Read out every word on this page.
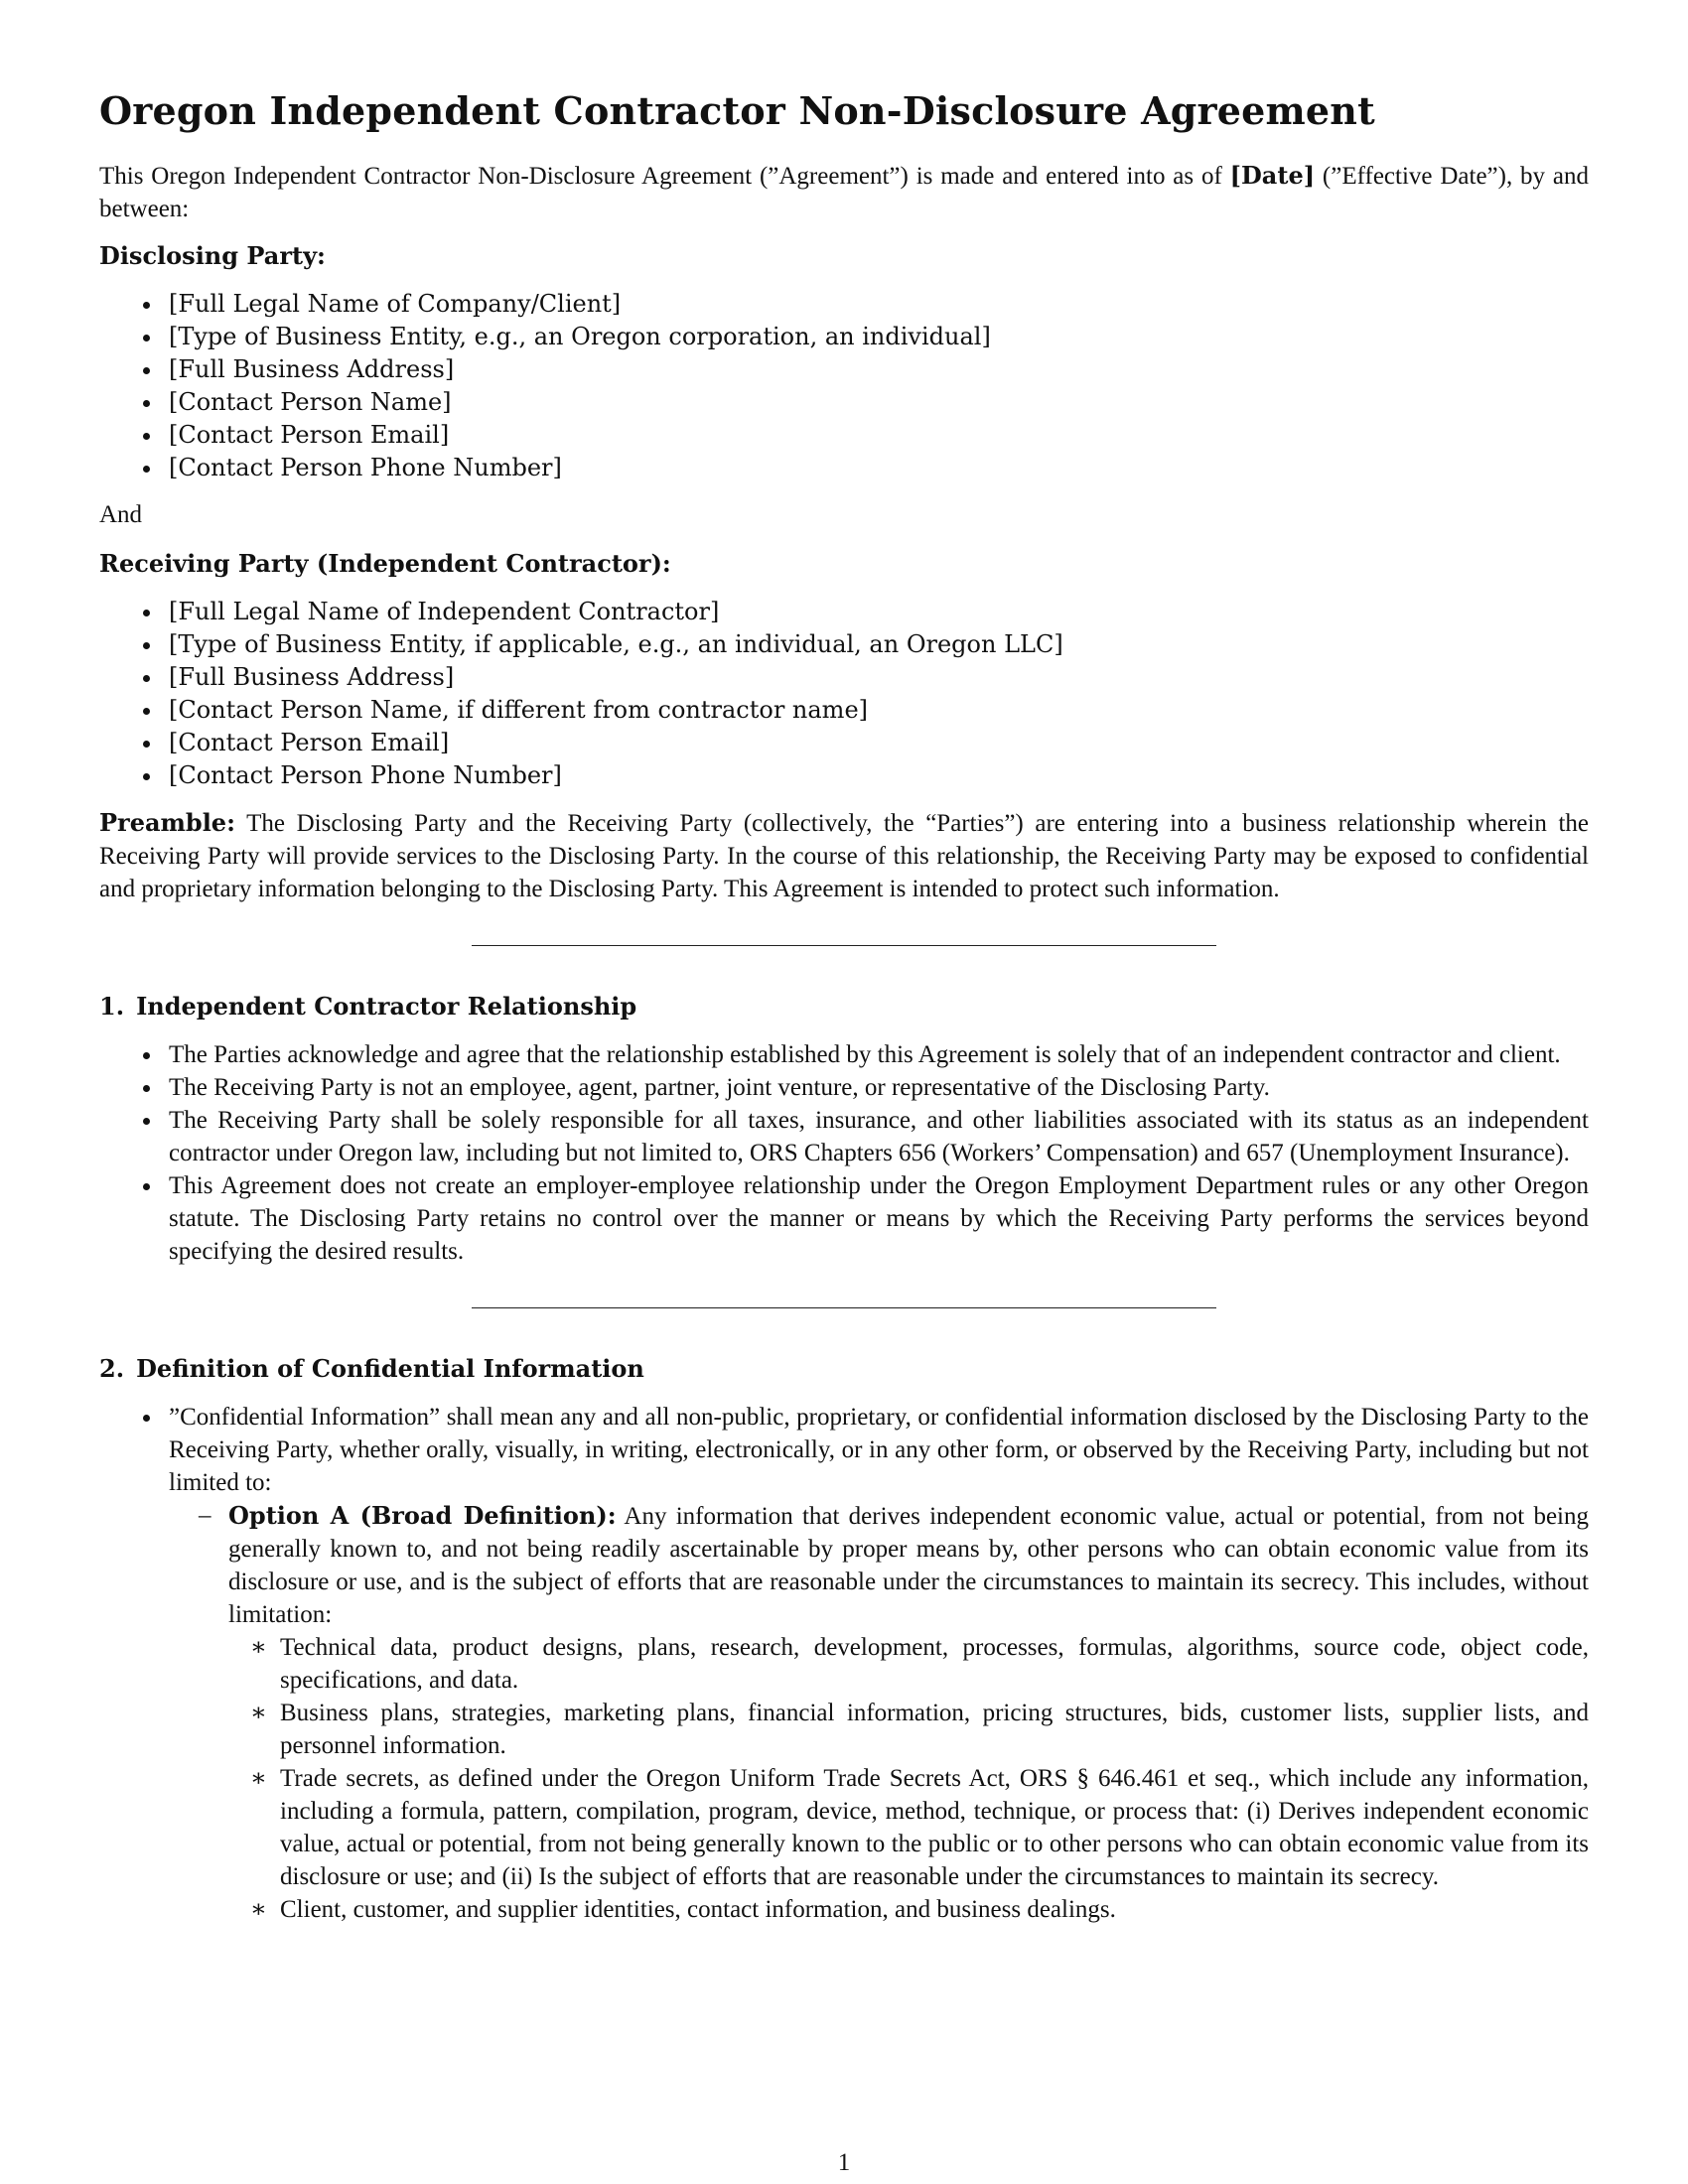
Oregon Independent Contractor Non-Disclosure Agreement

This Oregon Independent Contractor Non-Disclosure Agreement (”Agreement”) is made and entered into as of [Date] (”Effective Date”), by and between:

Disclosing Party:
[Full Legal Name of Company/Client]
[Type of Business Entity, e.g., an Oregon corporation, an individual]
[Full Business Address]
[Contact Person Name]
[Contact Person Email]
[Contact Person Phone Number]
And
Receiving Party (Independent Contractor):
[Full Legal Name of Independent Contractor]
[Type of Business Entity, if applicable, e.g., an individual, an Oregon LLC]
[Full Business Address]
[Contact Person Name, if different from contractor name]
[Contact Person Email]
[Contact Person Phone Number]

Preamble: The Disclosing Party and the Receiving Party (collectively, the “Parties”) are entering into a business relationship wherein the Receiving Party will provide services to the Disclosing Party. In the course of this relationship, the Receiving Party may be exposed to confidential and proprietary information belonging to the Disclosing Party. This Agreement is intended to protect such information.

1. Independent Contractor Relationship
The Parties acknowledge and agree that the relationship established by this Agreement is solely that of an independent contractor and client.
The Receiving Party is not an employee, agent, partner, joint venture, or representative of the Disclosing Party.
The Receiving Party shall be solely responsible for all taxes, insurance, and other liabilities associated with its status as an independent contractor under Oregon law, including but not limited to, ORS Chapters 656 (Workers’ Compensation) and 657 (Unemployment Insurance).
This Agreement does not create an employer-employee relationship under the Oregon Employment Department rules or any other Oregon statute. The Disclosing Party retains no control over the manner or means by which the Receiving Party performs the services beyond specifying the desired results.
2. Definition of Confidential Information
”Confidential Information” shall mean any and all non-public, proprietary, or confidential information disclosed by the Disclosing Party to the Receiving Party, whether orally, visually, in writing, electronically, or in any other form, or observed by the Receiving Party, including but not limited to:
– Option A (Broad Definition): Any information that derives independent economic value, actual or potential, from not being generally known to, and not being readily ascertainable by proper means by, other persons who can obtain economic value from its disclosure or use, and is the subject of efforts that are reasonable under the circumstances to maintain its secrecy. This includes, without limitation:
∗ Technical data, product designs, plans, research, development, processes, formulas, algorithms, source code, object code, specifications, and data.
∗ Business plans, strategies, marketing plans, financial information, pricing structures, bids, customer lists, supplier lists, and personnel information.
∗ Trade secrets, as defined under the Oregon Uniform Trade Secrets Act, ORS § 646.461 et seq., which include any information, including a formula, pattern, compilation, program, device, method, technique, or process that: (i) Derives independent economic value, actual or potential, from not being generally known to the public or to other persons who can obtain economic value from its disclosure or use; and (ii) Is the subject of efforts that are reasonable under the circumstances to maintain its secrecy.
∗ Client, customer, and supplier identities, contact information, and business dealings.
1
